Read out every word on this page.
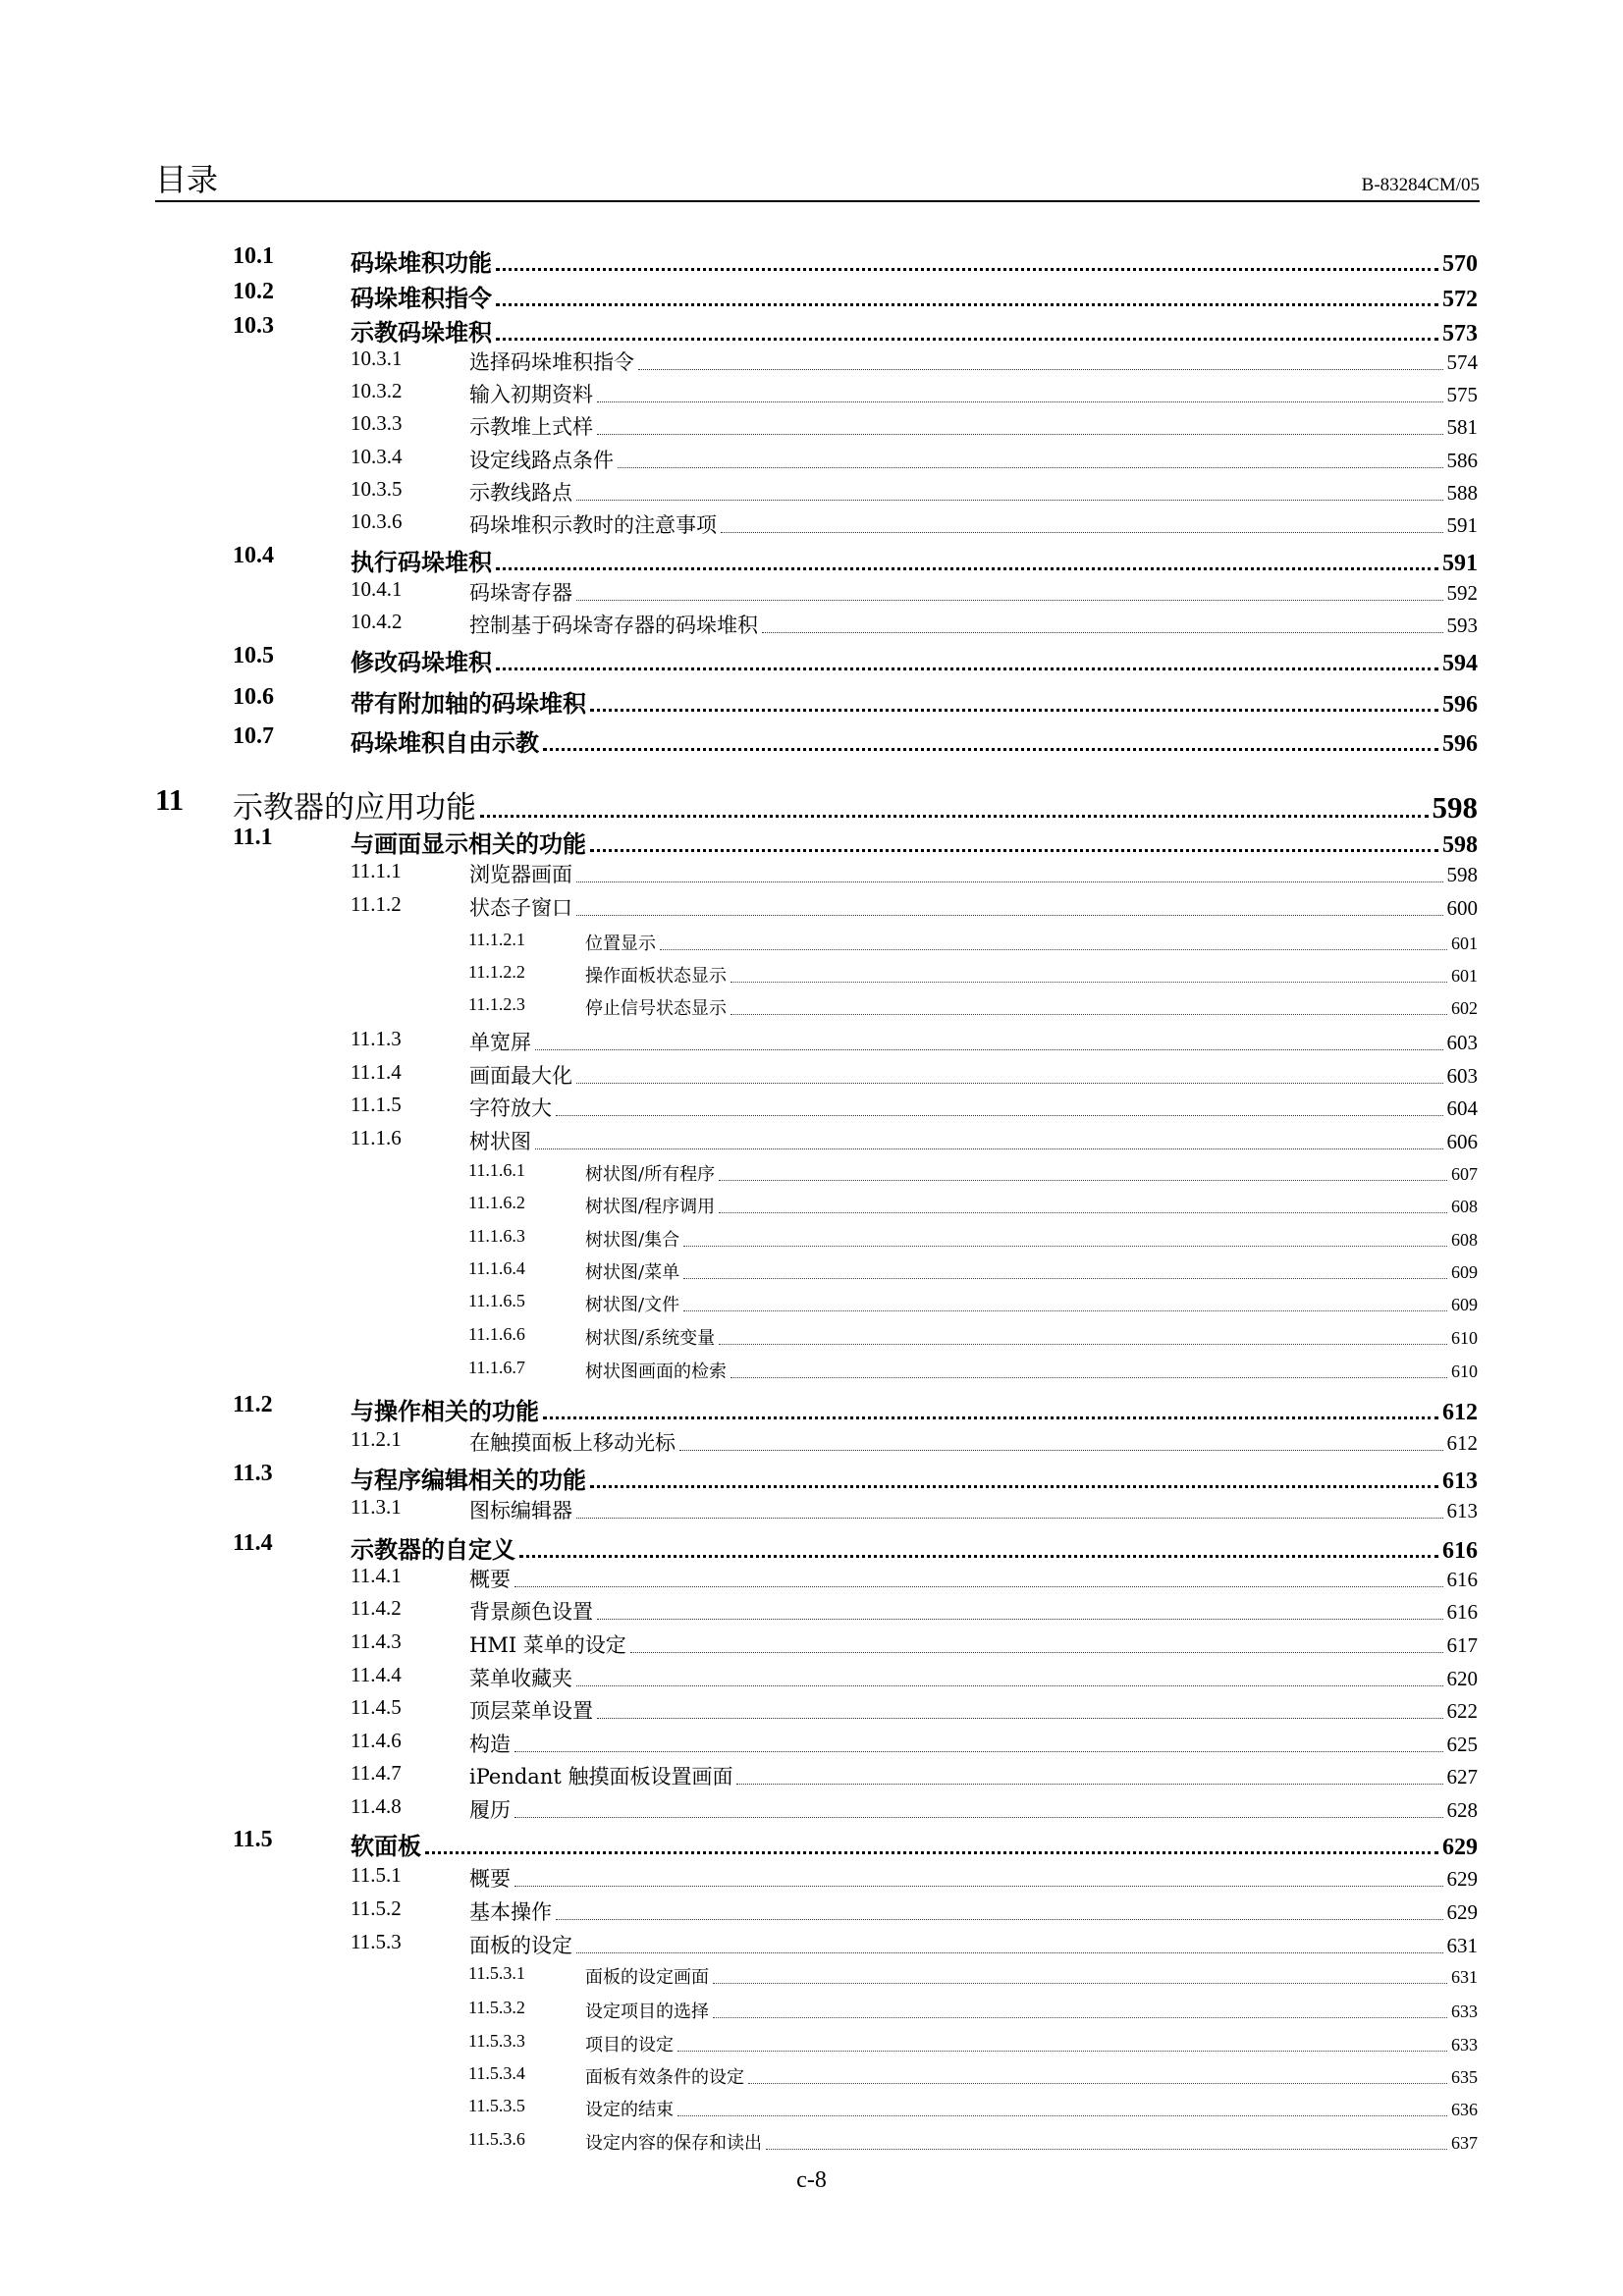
目录	B-83284CM/05
10.1	码垛堆积功能	570
10.2	码垛堆积指令	572
10.3	示教码垛堆积	573
10.3.1	选择码垛堆积指令	574
10.3.2	输入初期资料	575
10.3.3	示教堆上式样	581
10.3.4	设定线路点条件	586
10.3.5	示教线路点	588
10.3.6	码垛堆积示教时的注意事项	591
10.4	执行码垛堆积	591
10.4.1	码垛寄存器	592
10.4.2	控制基于码垛寄存器的码垛堆积	593
10.5	修改码垛堆积	594
10.6	带有附加轴的码垛堆积	596
10.7	码垛堆积自由示教	596
11 示教器的应用功能	598
11.1	与画面显示相关的功能	598
11.1.1	浏览器画面	598
11.1.2	状态子窗口	600
11.1.2.1	位置显示	601
11.1.2.2	操作面板状态显示	601
11.1.2.3	停止信号状态显示	602
11.1.3	单宽屏	603
11.1.4	画面最大化	603
11.1.5	字符放大	604
11.1.6	树状图	606
11.1.6.1	树状图/所有程序	607
11.1.6.2	树状图/程序调用	608
11.1.6.3	树状图/集合	608
11.1.6.4	树状图/菜单	609
11.1.6.5	树状图/文件	609
11.1.6.6	树状图/系统变量	610
11.1.6.7	树状图画面的检索	610
11.2	与操作相关的功能	612
11.2.1	在触摸面板上移动光标	612
11.3	与程序编辑相关的功能	613
11.3.1	图标编辑器	613
11.4	示教器的自定义	616
11.4.1	概要	616
11.4.2	背景颜色设置	616
11.4.3	HMI 菜单的设定	617
11.4.4	菜单收藏夹	620
11.4.5	顶层菜单设置	622
11.4.6	构造	625
11.4.7	iPendant 触摸面板设置画面	627
11.4.8	履历	628
11.5	软面板	629
11.5.1	概要	629
11.5.2	基本操作	629
11.5.3	面板的设定	631
11.5.3.1	面板的设定画面	631
11.5.3.2	设定项目的选择	633
11.5.3.3	项目的设定	633
11.5.3.4	面板有效条件的设定	635
11.5.3.5	设定的结束	636
11.5.3.6	设定内容的保存和读出	637
c-8
